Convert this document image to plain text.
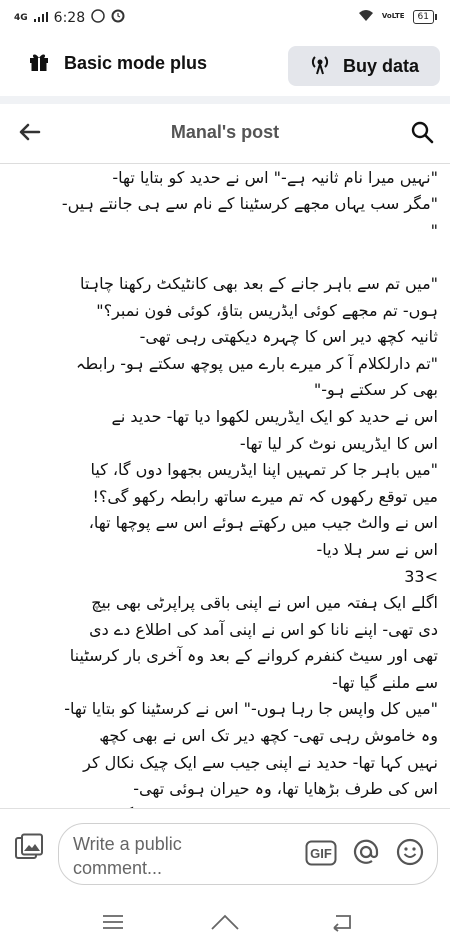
4G 6:28	VoLTE	61
Basic mode plus	Buy data
"نہیں میرا نام ثانیہ ہے-" اس نے حدید کو بتایا تھا-
"مگر سب یہاں مجھے کرسٹینا کے نام سے ہی جانتے ہیں-
"
"میں تم سے باہر جانے کے بعد بھی کانٹیکٹ رکھنا چاہتا
ہوں- تم مجھے کوئی ایڈریس بتاؤ، کوئی فون نمبر؟"
ثانیہ کچھ دیر اس کا چہرہ دیکھتی رہی تھی-
"تم دارلکلام آ کر میرے بارے میں پوچھ سکتے ہو- رابطہ
بھی کر سکتے ہو-"
اس نے حدید کو ایک ایڈریس لکھوا دیا تھا- حدید نے
اس کا ایڈریس نوٹ کر لیا تھا-
"میں باہر جا کر تمہیں اپنا ایڈریس بجھوا دوں گا، کیا
میں توقع رکھوں کہ تم میرے ساتھ رابطہ رکھو گی؟!
اس نے والٹ جیب میں رکھتے ہوئے اس سے پوچھا تھا،
اس نے سر ہلا دیا-
>33
اگلے ایک ہفتہ میں اس نے اپنی باقی پراپرٹی بھی بیچ
دی تھی- اپنے نانا کو اس نے اپنی آمد کی اطلاع دے دی
تھی اور سیٹ کنفرم کروانے کے بعد وہ آخری بار کرسٹینا
سے ملنے گیا تھا-
"میں کل واپس جا رہا ہوں-" اس نے کرسٹینا کو بتایا تھا-
وہ خاموش رہی تھی- کچھ دیر تک اس نے بھی کچھ
نہیں کہا تھا- حدید نے اپنی جیب سے ایک چیک نکال کر
اس کی طرف بڑھایا تھا، وہ حیران ہوئی تھی-
Manal's post
Write a public comment...
GIF
